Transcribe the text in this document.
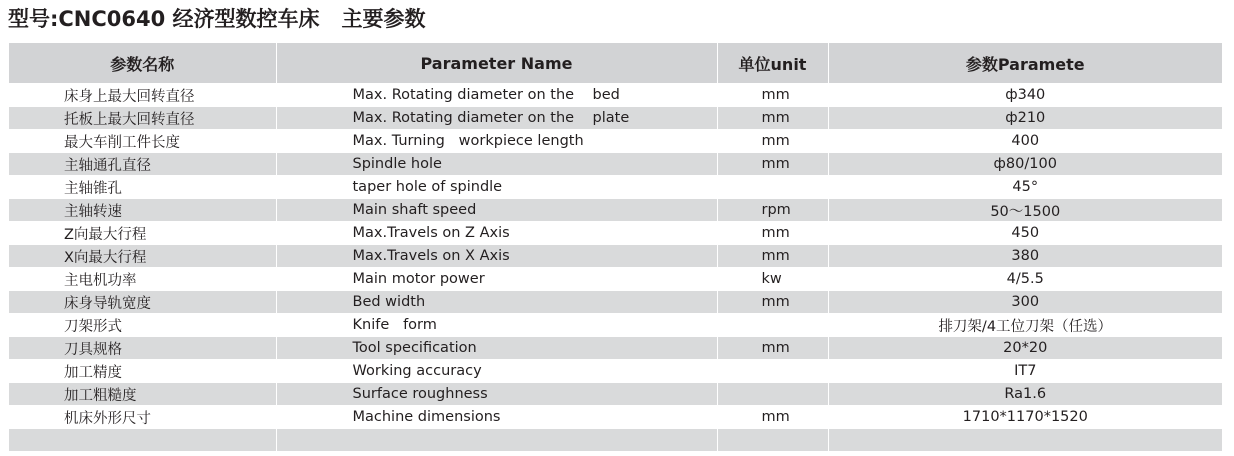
型号:CNC0640 经济型数控车床   主要参数
参数名称	Parameter Name	单位unit	参数Paramete
床身上最大回转直径	Max. Rotating diameter on the    bed	mm	ф340
托板上最大回转直径	Max. Rotating diameter on the    plate	mm	ф210
最大车削工件长度	Max. Turning   workpiece length	mm	400
主轴通孔直径	Spindle hole	mm	ф80/100
主轴锥孔	taper hole of spindle		45°
主轴转速	Main shaft speed	rpm	50～1500
Z向最大行程	Max.Travels on Z Axis	mm	450
X向最大行程	Max.Travels on X Axis	mm	380
主电机功率	Main motor power	kw	4/5.5
床身导轨宽度	Bed width	mm	300
刀架形式	Knife   form		排刀架/4工位刀架（任选）
刀具规格	Tool specification	mm	20*20
加工精度	Working accuracy		IT7
加工粗糙度	Surface roughness		Ra1.6
机床外形尺寸	Machine dimensions	mm	1710*1170*1520
